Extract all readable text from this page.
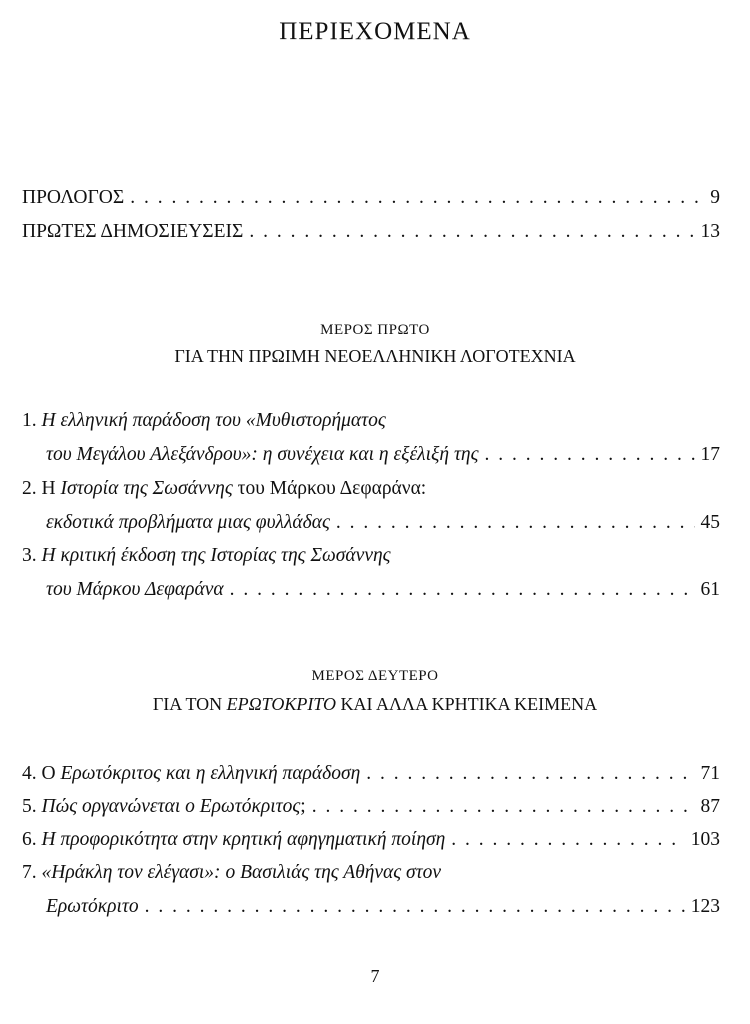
ΠΕΡΙΕΧΟΜΕΝΑ
ΠΡΟΛΟΓΟΣ . . .	9
ΠΡΩΤΕΣ ΔΗΜΟΣΙΕΥΣΕΙΣ . . .	13
ΜΕΡΟΣ ΠΡΩΤΟ
ΓΙΑ ΤΗΝ ΠΡΩΙΜΗ ΝΕΟΕΛΛΗΝΙΚΗ ΛΟΓΟΤΕΧΝΙΑ
1. Η ελληνική παράδοση του «Μυθιστορήματος
του Μεγάλου Αλεξάνδρου»: η συνέχεια και η εξέλιξή της . . .	17
2. Η Ιστορία της Σωσάννης του Μάρκου Δεφαράνα:
εκδοτικά προβλήματα μιας φυλλάδας . . .	45
3. Η κριτική έκδοση της Ιστορίας της Σωσάννης
του Μάρκου Δεφαράνα . . .	61
ΜΕΡΟΣ ΔΕΥΤΕΡΟ
ΓΙΑ ΤΟΝ ΕΡΩΤΟΚΡΙΤΟ ΚΑΙ ΑΛΛΑ ΚΡΗΤΙΚΑ ΚΕΙΜΕΝΑ
4. Ο Ερωτόκριτος και η ελληνική παράδοση . . .	71
5. Πώς οργανώνεται ο Ερωτόκριτος; . . .	87
6. Η προφορικότητα στην κρητική αφηγηματική ποίηση . . .	103
7. «Ηράκλη τον ελέγασι»: ο Βασιλιάς της Αθήνας στον
Ερωτόκριτο . . .	123
7
